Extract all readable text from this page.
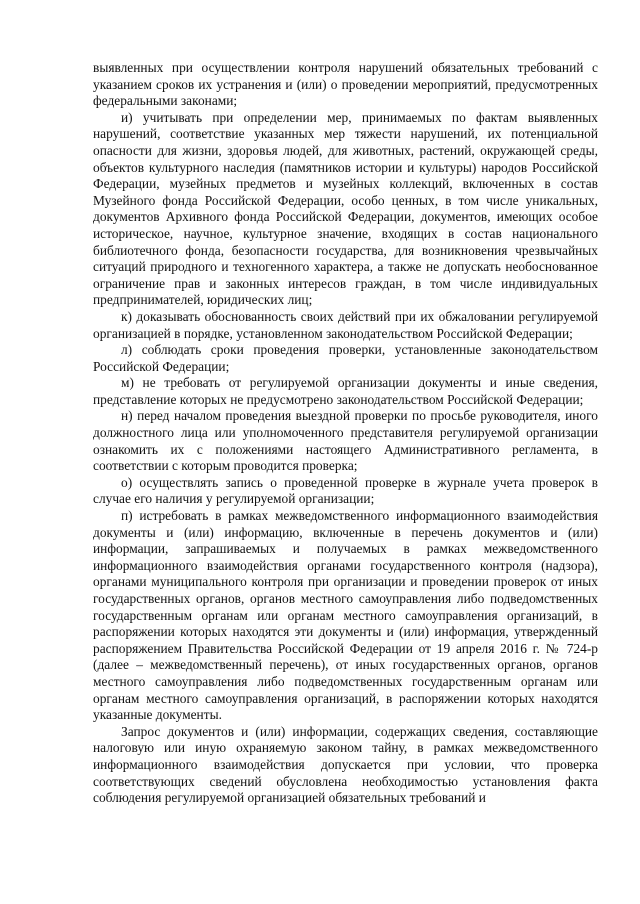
выявленных при осуществлении контроля нарушений обязательных требований с указанием сроков их устранения и (или) о проведении мероприятий, предусмотренных федеральными законами;

и) учитывать при определении мер, принимаемых по фактам выявленных нарушений, соответствие указанных мер тяжести нарушений, их потенциальной опасности для жизни, здоровья людей, для животных, растений, окружающей среды, объектов культурного наследия (памятников истории и культуры) народов Российской Федерации, музейных предметов и музейных коллекций, включенных в состав Музейного фонда Российской Федерации, особо ценных, в том числе уникальных, документов Архивного фонда Российской Федерации, документов, имеющих особое историческое, научное, культурное значение, входящих в состав национального библиотечного фонда, безопасности государства, для возникновения чрезвычайных ситуаций природного и техногенного характера, а также не допускать необоснованное ограничение прав и законных интересов граждан, в том числе индивидуальных предпринимателей, юридических лиц;

к) доказывать обоснованность своих действий при их обжаловании регулируемой организацией в порядке, установленном законодательством Российской Федерации;

л) соблюдать сроки проведения проверки, установленные законодательством Российской Федерации;

м) не требовать от регулируемой организации документы и иные сведения, представление которых не предусмотрено законодательством Российской Федерации;

н) перед началом проведения выездной проверки по просьбе руководителя, иного должностного лица или уполномоченного представителя регулируемой организации ознакомить их с положениями настоящего Административного регламента, в соответствии с которым проводится проверка;

о) осуществлять запись о проведенной проверке в журнале учета проверок в случае его наличия у регулируемой организации;

п) истребовать в рамках межведомственного информационного взаимодействия документы и (или) информацию, включенные в перечень документов и (или) информации, запрашиваемых и получаемых в рамках межведомственного информационного взаимодействия органами государственного контроля (надзора), органами муниципального контроля при организации и проведении проверок от иных государственных органов, органов местного самоуправления либо подведомственных государственным органам или органам местного самоуправления организаций, в распоряжении которых находятся эти документы и (или) информация, утвержденный распоряжением Правительства Российской Федерации от 19 апреля 2016 г. № 724-р (далее – межведомственный перечень), от иных государственных органов, органов местного самоуправления либо подведомственных государственным органам или органам местного самоуправления организаций, в распоряжении которых находятся указанные документы.

Запрос документов и (или) информации, содержащих сведения, составляющие налоговую или иную охраняемую законом тайну, в рамках межведомственного информационного взаимодействия допускается при условии, что проверка соответствующих сведений обусловлена необходимостью установления факта соблюдения регулируемой организацией обязательных требований и
